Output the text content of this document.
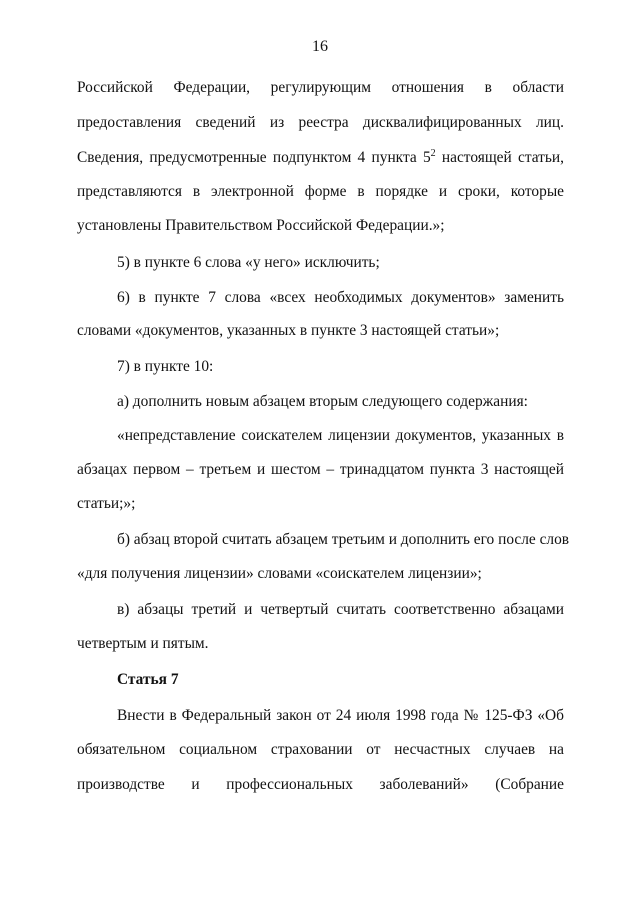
16
Российской Федерации, регулирующим отношения в области
предоставления сведений из реестра дисквалифицированных лиц.
Сведения, предусмотренные подпунктом 4 пункта $5^2$ настоящей статьи,
представляются в электронной форме в порядке и сроки, которые
установлены Правительством Российской Федерации.»;
5) в пункте 6 слова «у него» исключить;
6) в пункте 7 слова «всех необходимых документов» заменить
словами «документов, указанных в пункте 3 настоящей статьи»;
7) в пункте 10:
а) дополнить новым абзацем вторым следующего содержания:
«непредставление соискателем лицензии документов, указанных в
абзацах первом – третьем и шестом – тринадцатом пункта 3 настоящей
статьи;»;
б) абзац второй считать абзацем третьим и дополнить его после слов
«для получения лицензии» словами «соискателем лицензии»;
в) абзацы третий и четвертый считать соответственно абзацами
четвертым и пятым.
Статья 7
Внести в Федеральный закон от 24 июля 1998 года № 125-ФЗ «Об
обязательном социальном страховании от несчастных случаев на
производстве и профессиональных заболеваний» (Собрание
